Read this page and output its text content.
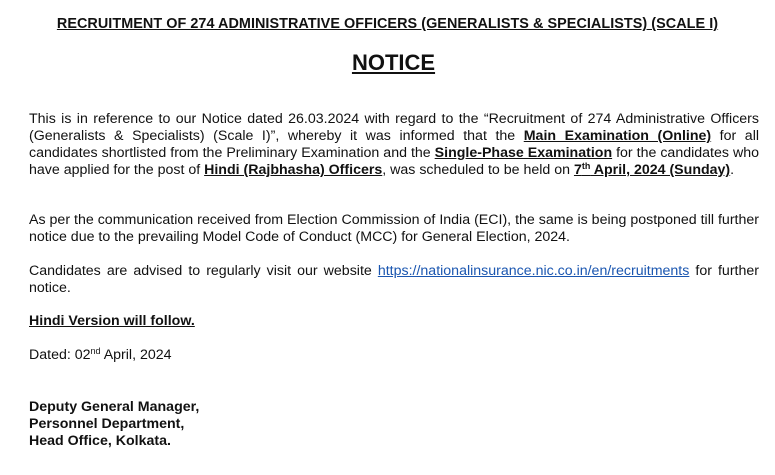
RECRUITMENT OF 274 ADMINISTRATIVE OFFICERS (GENERALISTS & SPECIALISTS) (SCALE I)
NOTICE

This is in reference to our Notice dated 26.03.2024 with regard to the “Recruitment of 274 Administrative Officers (Generalists & Specialists) (Scale I)”, whereby it was informed that the Main Examination (Online) for all candidates shortlisted from the Preliminary Examination and the Single-Phase Examination for the candidates who have applied for the post of Hindi (Rajbhasha) Officers, was scheduled to be held on 7th April, 2024 (Sunday).

As per the communication received from Election Commission of India (ECI), the same is being postponed till further notice due to the prevailing Model Code of Conduct (MCC) for General Election, 2024.

Candidates are advised to regularly visit our website https://nationalinsurance.nic.co.in/en/recruitments for further notice.

Hindi Version will follow.

Dated: 02nd April, 2024

Deputy General Manager,
Personnel Department,
Head Office, Kolkata.
